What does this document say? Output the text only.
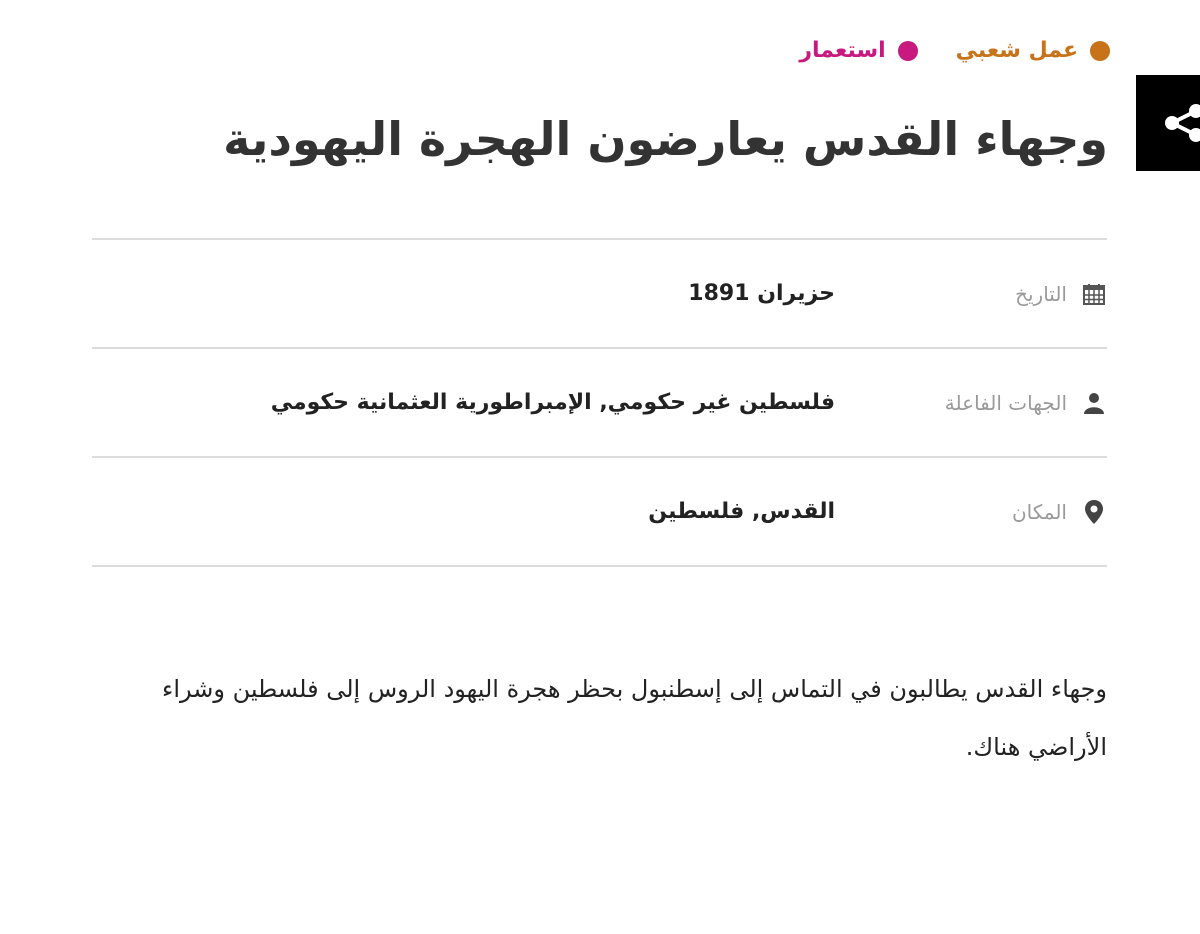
عمل شعبي
استعمار
وجهاء القدس يعارضون الهجرة اليهودية
التاريخ
حزيران 1891
الجهات الفاعلة
فلسطين غير حكومي, الإمبراطورية العثمانية حكومي
المكان
القدس, فلسطين

وجهاء القدس يطالبون في التماس إلى إسطنبول بحظر هجرة اليهود الروس إلى فلسطين وشراء الأراضي هناك.
